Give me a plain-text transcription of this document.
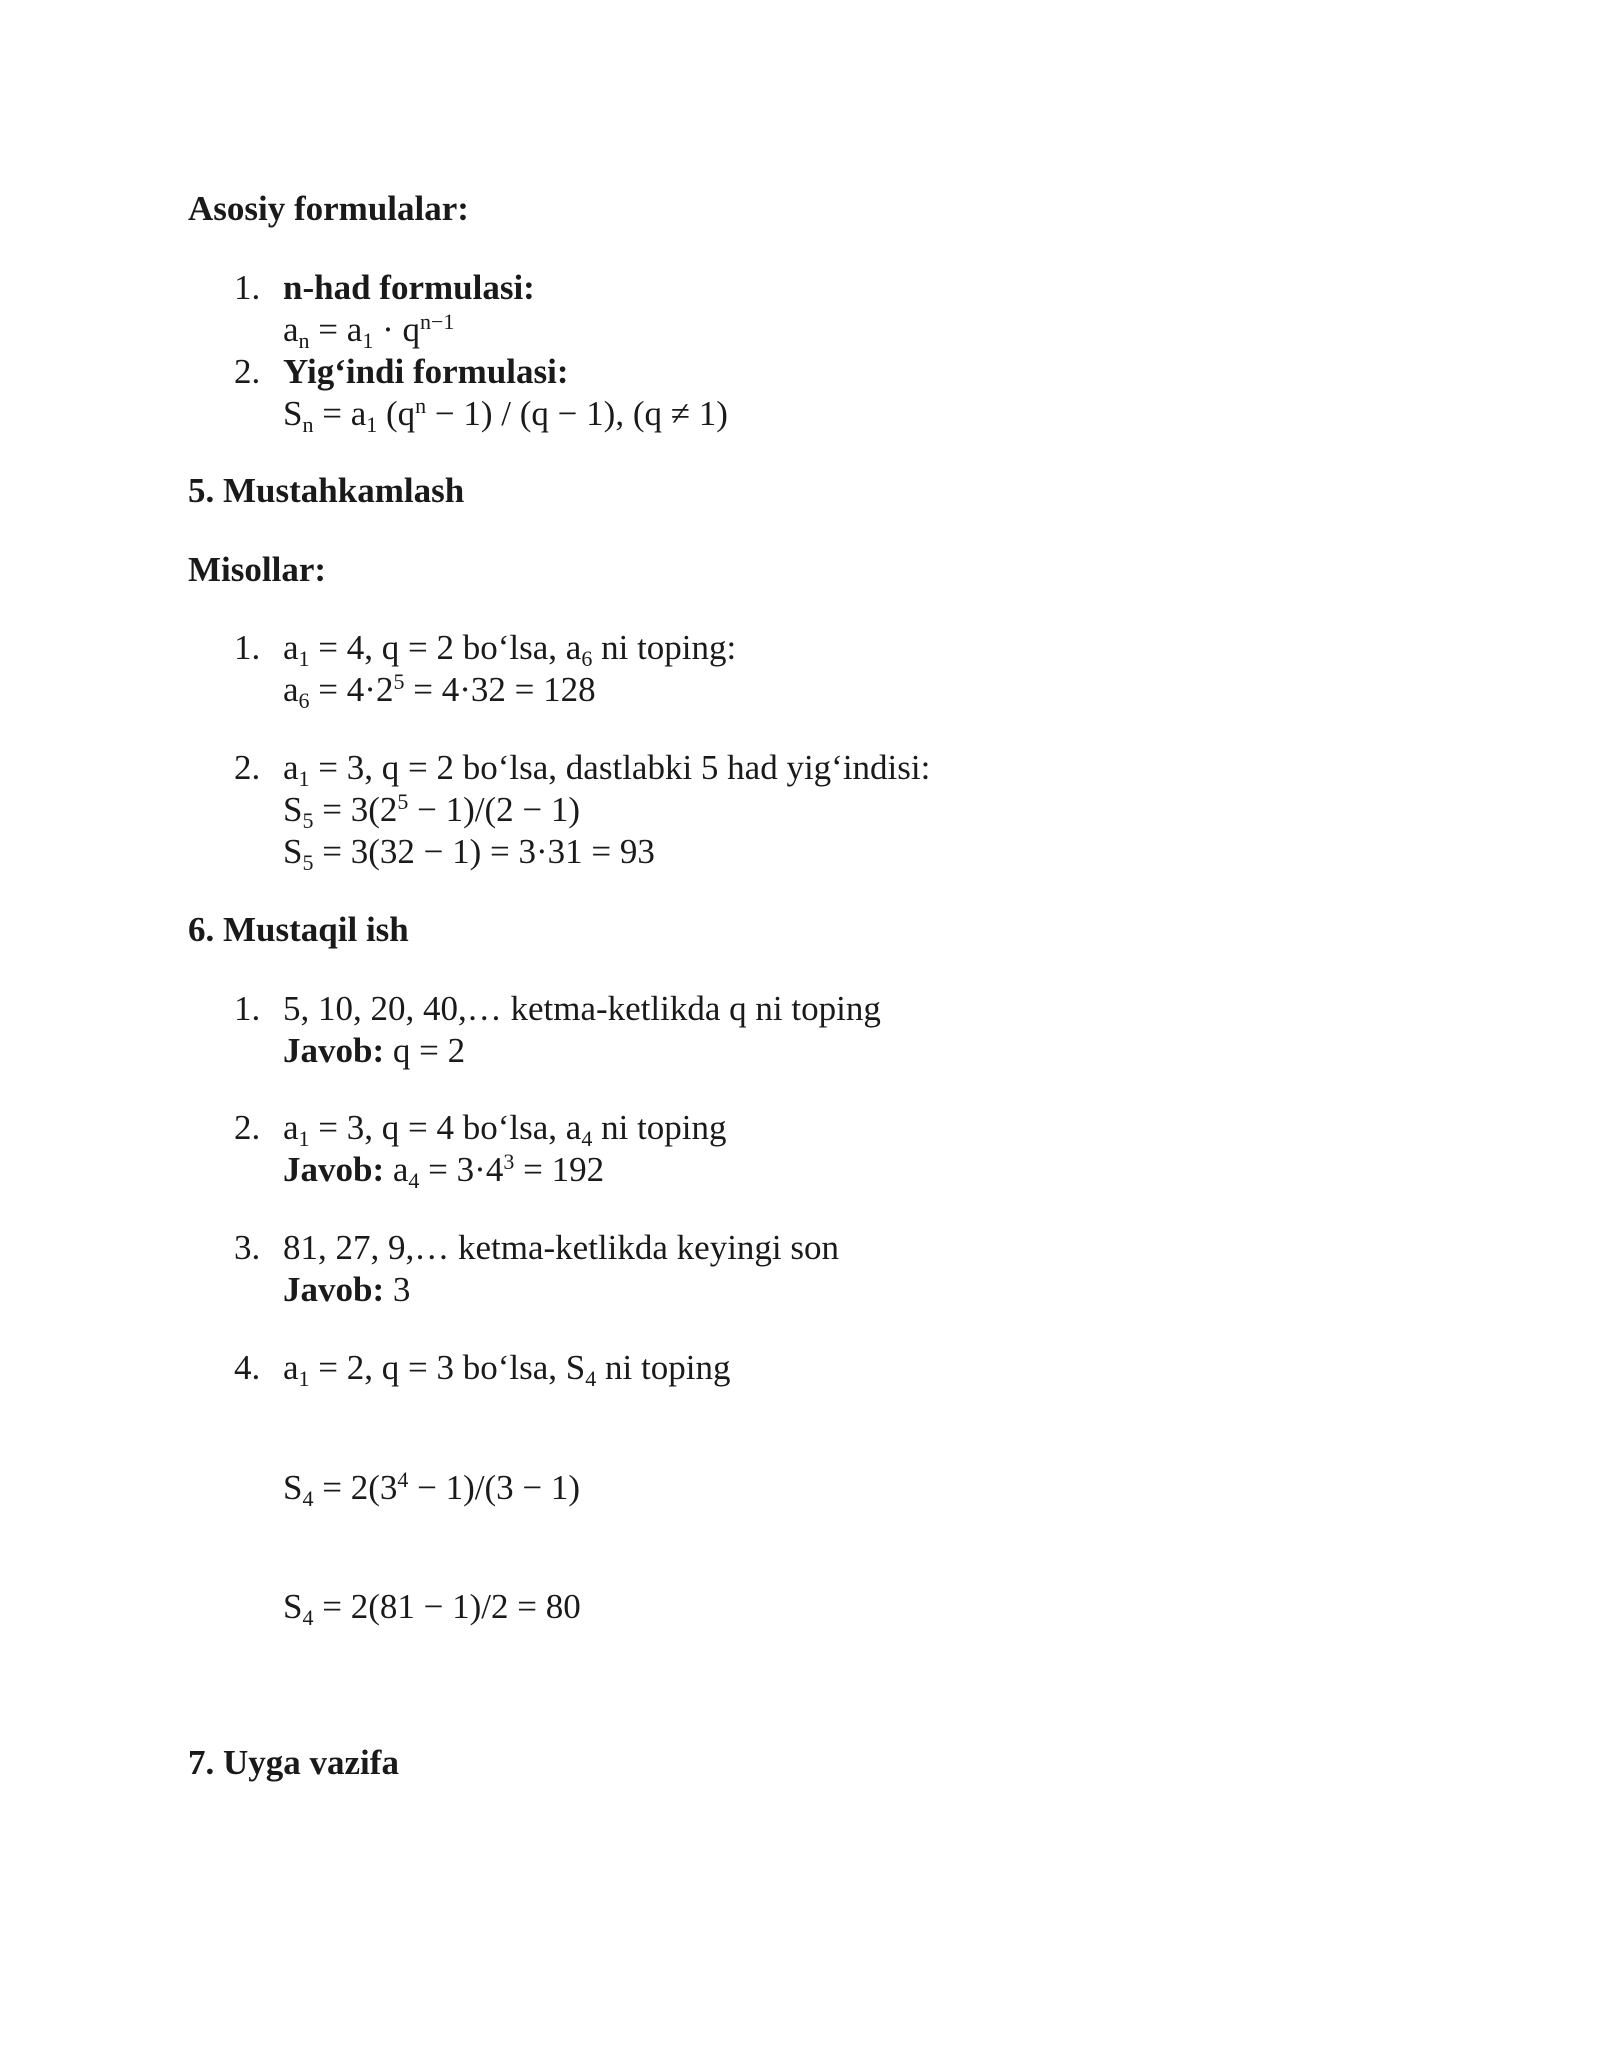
Asosiy formulalar:
1. n-had formulasi:
$a_n = a_1 \cdot q^{n-1}$
2. Yig‘indi formulasi:
$S_n = a_1$ $(q^n - 1) / (q - 1)$, (q ≠ 1)
5. Mustahkamlash
Misollar:
1. $a_1 = 4$, q = 2 bo‘lsa, $a_6$ ni toping:
$a_6 = 4\cdot 2^5 = 4\cdot 32 = 128$
2. $a_1 = 3$, q = 2 bo‘lsa, dastlabki 5 had yig‘indisi:
$S_5 = 3(2^5 - 1)/(2 - 1)$
$S_5 = 3(32 - 1) = 3\cdot 31 = 93$
6. Mustaqil ish
1. 5, 10, 20, 40,… ketma-ketlikda q ni toping
Javob: q = 2
2. $a_1 = 3$, q = 4 bo‘lsa, $a_4$ ni toping
Javob: $a_4 = 3\cdot 4^3 = 192$
3. 81, 27, 9,… ketma-ketlikda keyingi son
Javob: 3
4. $a_1 = 2$, q = 3 bo‘lsa, $S_4$ ni toping
$S_4 = 2(3^4 - 1)/(3 - 1)$
$S_4 = 2(81 - 1)/2 = 80$
7. Uyga vazifa
